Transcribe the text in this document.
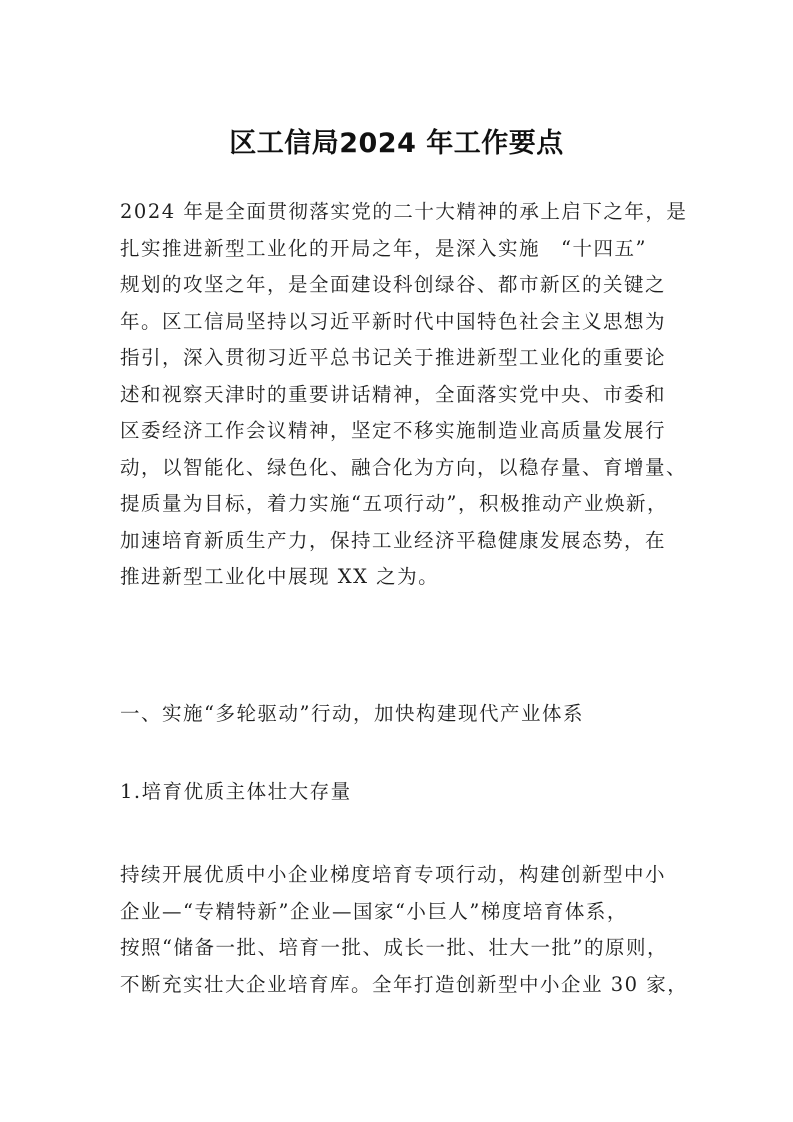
区工信局2024 年工作要点
2024 年是全面贯彻落实党的二十大精神的承上启下之年，是
扎实推进新型工业化的开局之年，是深入实施　“十四五”
规划的攻坚之年，是全面建设科创绿谷、都市新区的关键之
年。区工信局坚持以习近平新时代中国特色社会主义思想为
指引，深入贯彻习近平总书记关于推进新型工业化的重要论
述和视察天津时的重要讲话精神，全面落实党中央、市委和
区委经济工作会议精神，坚定不移实施制造业高质量发展行
动，以智能化、绿色化、融合化为方向，以稳存量、育增量、
提质量为目标，着力实施“五项行动”，积极推动产业焕新，
加速培育新质生产力，保持工业经济平稳健康发展态势，在
推进新型工业化中展现 XX 之为。
一、实施“多轮驱动”行动，加快构建现代产业体系
1.培育优质主体壮大存量
持续开展优质中小企业梯度培育专项行动，构建创新型中小
企业—“专精特新”企业—国家“小巨人”梯度培育体系，
按照“储备一批、培育一批、成长一批、壮大一批”的原则，
不断充实壮大企业培育库。全年打造创新型中小企业 30 家，
